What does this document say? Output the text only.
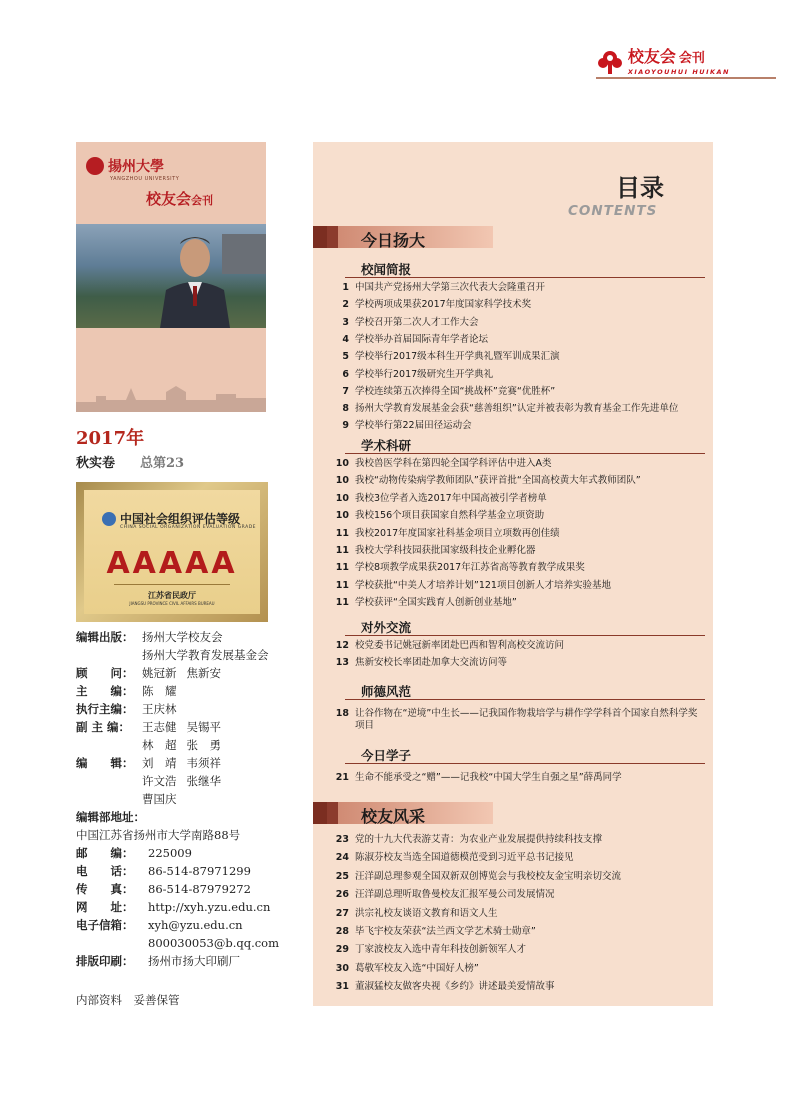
校友会 会刊
XIAOYOUHUI HUIKAN
揚州大學
YANGZHOU UNIVERSITY
校友会会刊
2017年
秋实卷 总第23
中国社会组织评估等级
CHINA SOCIAL ORGANIZATION EVALUATION GRADE
AAAAA
江苏省民政厅
JIANGSU PROVINCE CIVIL AFFAIRS BUREAU
编辑出版： 扬州大学校友会
扬州大学教育发展基金会
顾　　问： 姚冠新 焦新安
主　　编： 陈　耀
执行主编： 王庆林
副 主 编：	王志健 吴锡平
林　超 张　勇
编　　辑： 刘　靖 韦须祥
许文浩 张继华
曹国庆
编辑部地址：
中国江苏省扬州市大学南路88号
邮　　编：	225009
电　　话：	86-514-87971299
传　　真：	86-514-87979272
网　　址：	http://xyh.yzu.edu.cn
电子信箱：	xyh@yzu.edu.cn
800030053@b.qq.com
排版印刷：	扬州市扬大印刷厂
内部资料　妥善保管
目录
CONTENTS
今日扬大
校闻简报
1 中国共产党扬州大学第三次代表大会隆重召开
2 学校两项成果获2017年度国家科学技术奖
3 学校召开第二次人才工作大会
4 学校举办首届国际青年学者论坛
5 学校举行2017级本科生开学典礼暨军训成果汇演
6 学校举行2017级研究生开学典礼
7 学校连续第五次捧得全国“挑战杯”竞赛“优胜杯”
8 扬州大学教育发展基金会获“慈善组织”认定并被表彰为教育基金工作先进单位
9 学校举行第22届田径运动会
学术科研
10 我校兽医学科在第四轮全国学科评估中进入A类
10 我校“动物传染病学教师团队”获评首批“全国高校黄大年式教师团队”
10 我校3位学者入选2017年中国高被引学者榜单
10 我校156个项目获国家自然科学基金立项资助
11 我校2017年度国家社科基金项目立项数再创佳绩
11 我校大学科技园获批国家级科技企业孵化器
11 学校8项教学成果获2017年江苏省高等教育教学成果奖
11 学校获批“中美人才培养计划”121项目创新人才培养实验基地
11 学校获评“全国实践育人创新创业基地”
对外交流
12 校党委书记姚冠新率团赴巴西和智利高校交流访问
13 焦新安校长率团赴加拿大交流访问等
师德风范
18 让谷作物在“逆境”中生长——记我国作物栽培学与耕作学学科首个国家自然科学奖项目
今日学子
21 生命不能承受之“赠”——记我校“中国大学生自强之星”薛禹同学
校友风采
23 党的十九大代表游艾青：为农业产业发展提供持续科技支撑
24 陈淑芬校友当选全国道德模范受到习近平总书记接见
25 汪洋副总理参观全国双新双创博览会与我校校友金宝明亲切交流
26 汪洋副总理听取鲁曼校友汇报军曼公司发展情况
27 洪宗礼校友谈语文教育和语文人生
28 毕飞宇校友荣获“法兰西文学艺术骑士勋章”
29 丁家波校友入选中青年科技创新领军人才
30 葛敬军校友入选“中国好人榜”
31 董淑猛校友做客央视《乡约》讲述最美爱情故事
